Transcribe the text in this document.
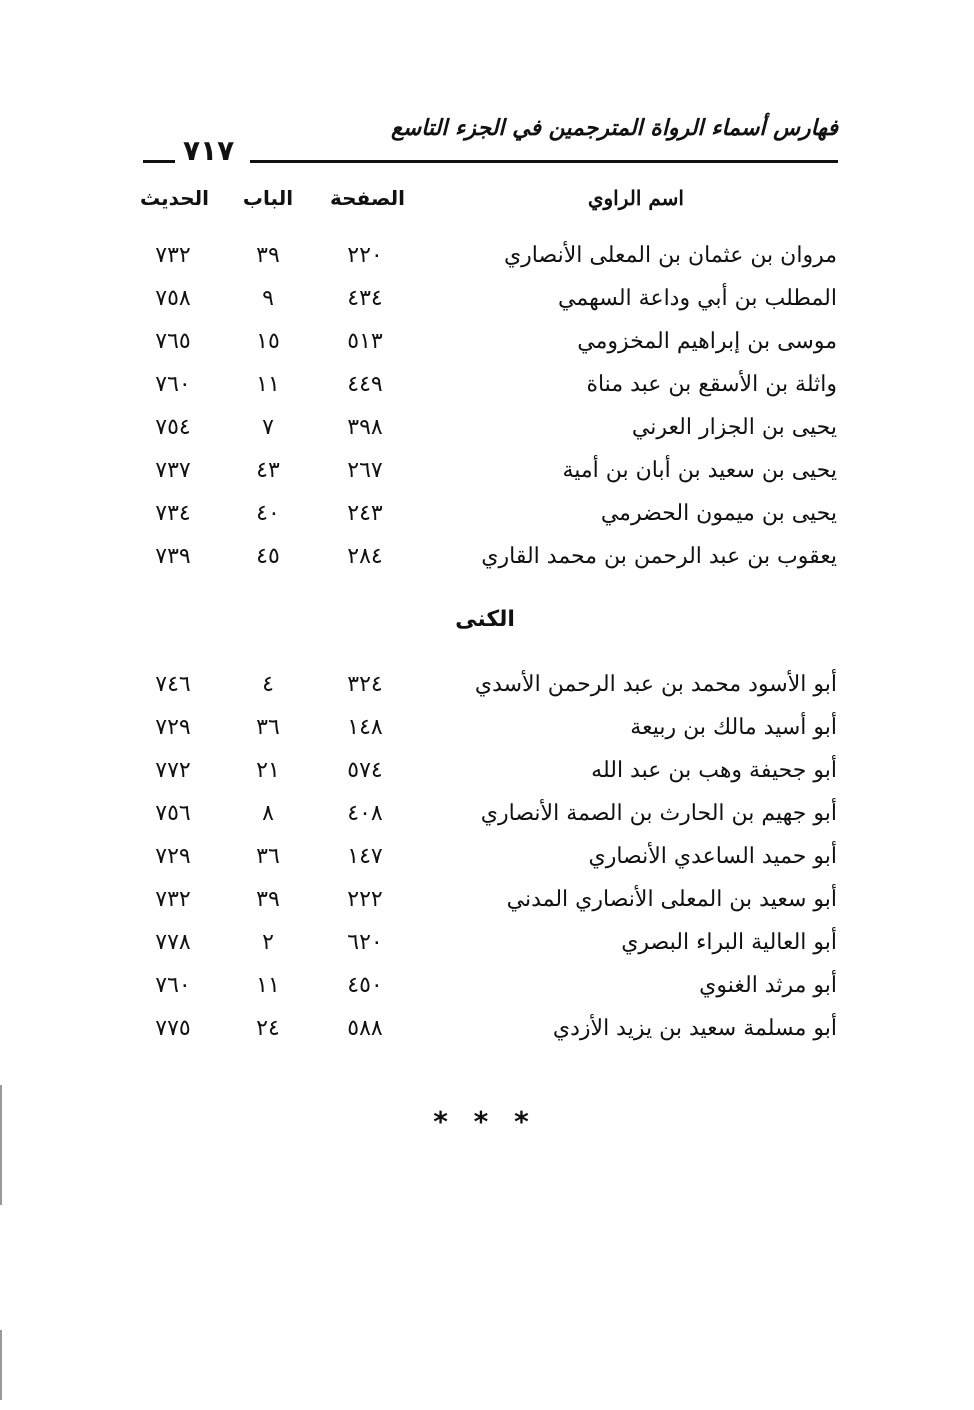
فهارس أسماء الرواة المترجمين في الجزء التاسع
٧١٧
اسم الراوي
الصفحة
الباب
الحديث
مروان بن عثمان بن المعلى الأنصاري
٢٢٠
٣٩
٧٣٢
المطلب بن أبي وداعة السهمي
٤٣٤
٩
٧٥٨
موسى بن إبراهيم المخزومي
٥١٣
١٥
٧٦٥
واثلة بن الأسقع بن عبد مناة
٤٤٩
١١
٧٦٠
يحيى بن الجزار العرني
٣٩٨
٧
٧٥٤
يحيى بن سعيد بن أبان بن أمية
٢٦٧
٤٣
٧٣٧
يحيى بن ميمون الحضرمي
٢٤٣
٤٠
٧٣٤
يعقوب بن عبد الرحمن بن محمد القاري
٢٨٤
٤٥
٧٣٩
الكنى
أبو الأسود محمد بن عبد الرحمن الأسدي
٣٢٤
٤
٧٤٦
أبو أسيد مالك بن ربيعة
١٤٨
٣٦
٧٢٩
أبو جحيفة وهب بن عبد الله
٥٧٤
٢١
٧٧٢
أبو جهيم بن الحارث بن الصمة الأنصاري
٤٠٨
٨
٧٥٦
أبو حميد الساعدي الأنصاري
١٤٧
٣٦
٧٢٩
أبو سعيد بن المعلى الأنصاري المدني
٢٢٢
٣٩
٧٣٢
أبو العالية البراء البصري
٦٢٠
٢
٧٧٨
أبو مرثد الغنوي
٤٥٠
١١
٧٦٠
أبو مسلمة سعيد بن يزيد الأزدي
٥٨٨
٢٤
٧٧٥
* * *
